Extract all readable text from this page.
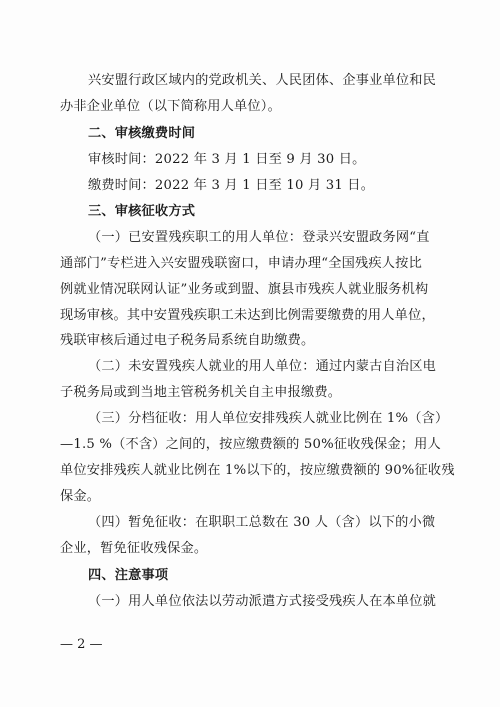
兴安盟行政区域内的党政机关、人民团体、企事业单位和民
办非企业单位（以下简称用人单位）。
二、审核缴费时间
审核时间：2022 年 3 月 1 日至 9 月 30 日。
缴费时间：2022 年 3 月 1 日至 10 月 31 日。
三、审核征收方式
（一）已安置残疾职工的用人单位：登录兴安盟政务网“直
通部门”专栏进入兴安盟残联窗口，申请办理“全国残疾人按比
例就业情况联网认证”业务或到盟、旗县市残疾人就业服务机构
现场审核。其中安置残疾职工未达到比例需要缴费的用人单位，
残联审核后通过电子税务局系统自助缴费。
（二）未安置残疾人就业的用人单位：通过内蒙古自治区电
子税务局或到当地主管税务机关自主申报缴费。
（三）分档征收：用人单位安排残疾人就业比例在 1%（含）
—1.5 %（不含）之间的，按应缴费额的 50%征收残保金；用人
单位安排残疾人就业比例在 1%以下的，按应缴费额的 90%征收残
保金。
（四）暂免征收：在职职工总数在 30 人（含）以下的小微
企业，暂免征收残保金。
四、注意事项
（一）用人单位依法以劳动派遣方式接受残疾人在本单位就
— 2 —
